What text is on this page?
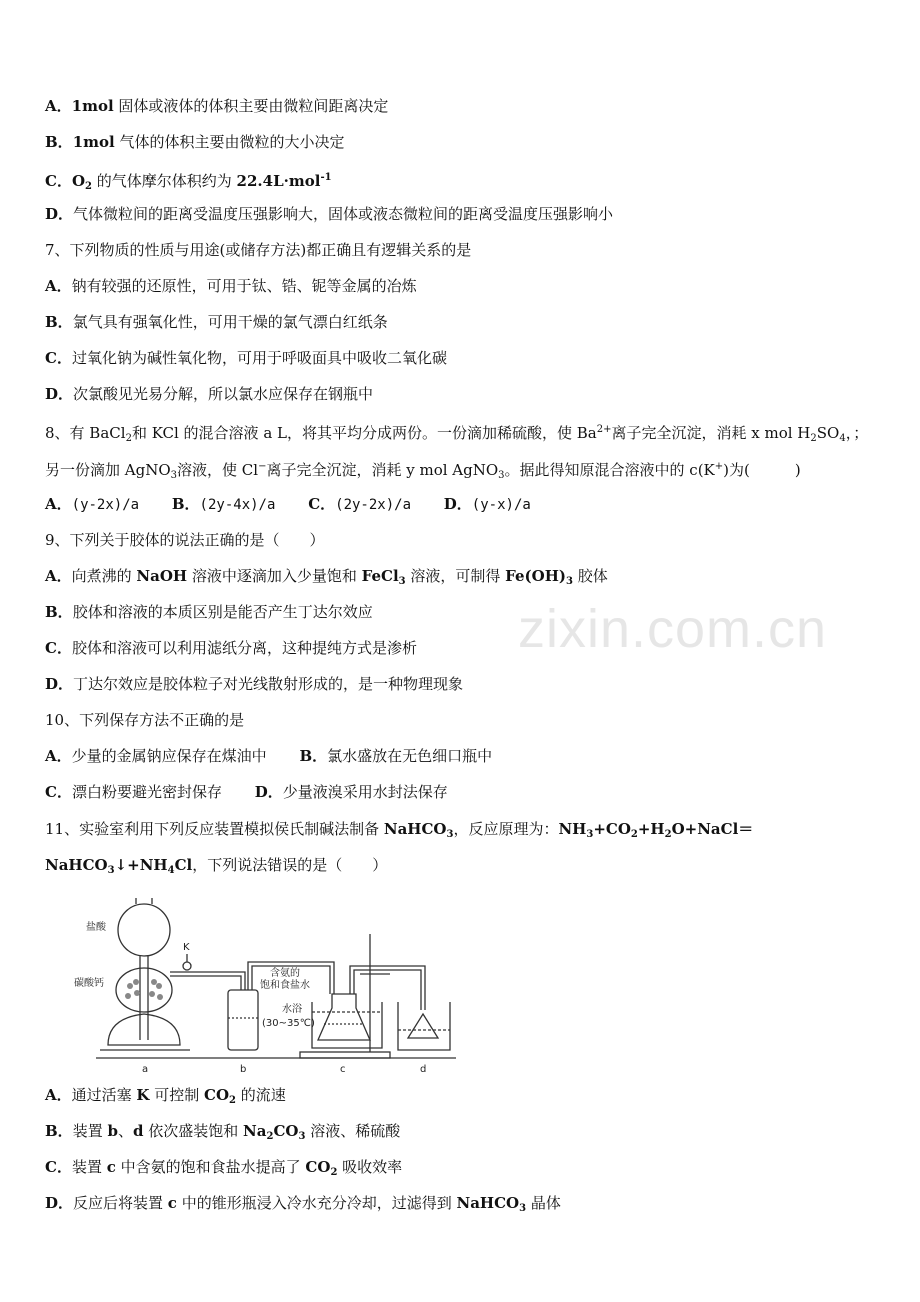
zixin.com.cn
A．1mol 固体或液体的体积主要由微粒间距离决定
B．1mol 气体的体积主要由微粒的大小决定
C．$O_2$ 的气体摩尔体积约为 22.4L·mol$^{-1}$
D．气体微粒间的距离受温度压强影响大，固体或液态微粒间的距离受温度压强影响小
7、下列物质的性质与用途(或储存方法)都正确且有逻辑关系的是
A．钠有较强的还原性，可用于钛、锆、铌等金属的冶炼
B．氯气具有强氧化性，可用干燥的氯气漂白红纸条
C．过氧化钠为碱性氧化物，可用于呼吸面具中吸收二氧化碳
D．次氯酸见光易分解，所以氯水应保存在钢瓶中
8、有 BaCl$_2$和 KCl 的混合溶液 a L，将其平均分成两份。一份滴加稀硫酸，使 $Ba^{2+}$离子完全沉淀，消耗 x mol $H_2SO_4$，；
另一份滴加 AgNO$_3$溶液，使 Cl−离子完全沉淀，消耗 y mol AgNO$_3$。据此得知原混合溶液中的 c(K+)为(　　　)
A．(y-2x)/a B．(2y-4x)/a C．(2y-2x)/a D．(y-x)/a
9、下列关于胶体的说法正确的是（　　）
A．向煮沸的 NaOH 溶液中逐滴加入少量饱和 FeCl$_3$ 溶液，可制得 $Fe(OH)_3$ 胶体
B．胶体和溶液的本质区别是能否产生丁达尔效应
C．胶体和溶液可以利用滤纸分离，这种提纯方式是渗析
D．丁达尔效应是胶体粒子对光线散射形成的，是一种物理现象
10、下列保存方法不正确的是
A．少量的金属钠应保存在煤油中 B．氯水盛放在无色细口瓶中
C．漂白粉要避光密封保存 D．少量液溴采用水封法保存
11、实验室利用下列反应装置模拟侯氏制碱法制备 NaHCO$_3$，反应原理为：$NH_3+CO_2+H_2O+NaCl=$
$NaHCO_3↓+NH_4Cl$，下列说法错误的是（　　）
盐酸
碳酸钙
K
含氨的
饱和食盐水
水浴
(30~35℃)
a	b	c	d
A．通过活塞 K 可控制 $CO_2$ 的流速
B．装置 b、d 依次盛装饱和 $Na_2CO_3$ 溶液、稀硫酸
C．装置 c 中含氨的饱和食盐水提高了 $CO_2$ 吸收效率
D．反应后将装置 c 中的锥形瓶浸入冷水充分冷却，过滤得到 NaHCO$_3$ 晶体
